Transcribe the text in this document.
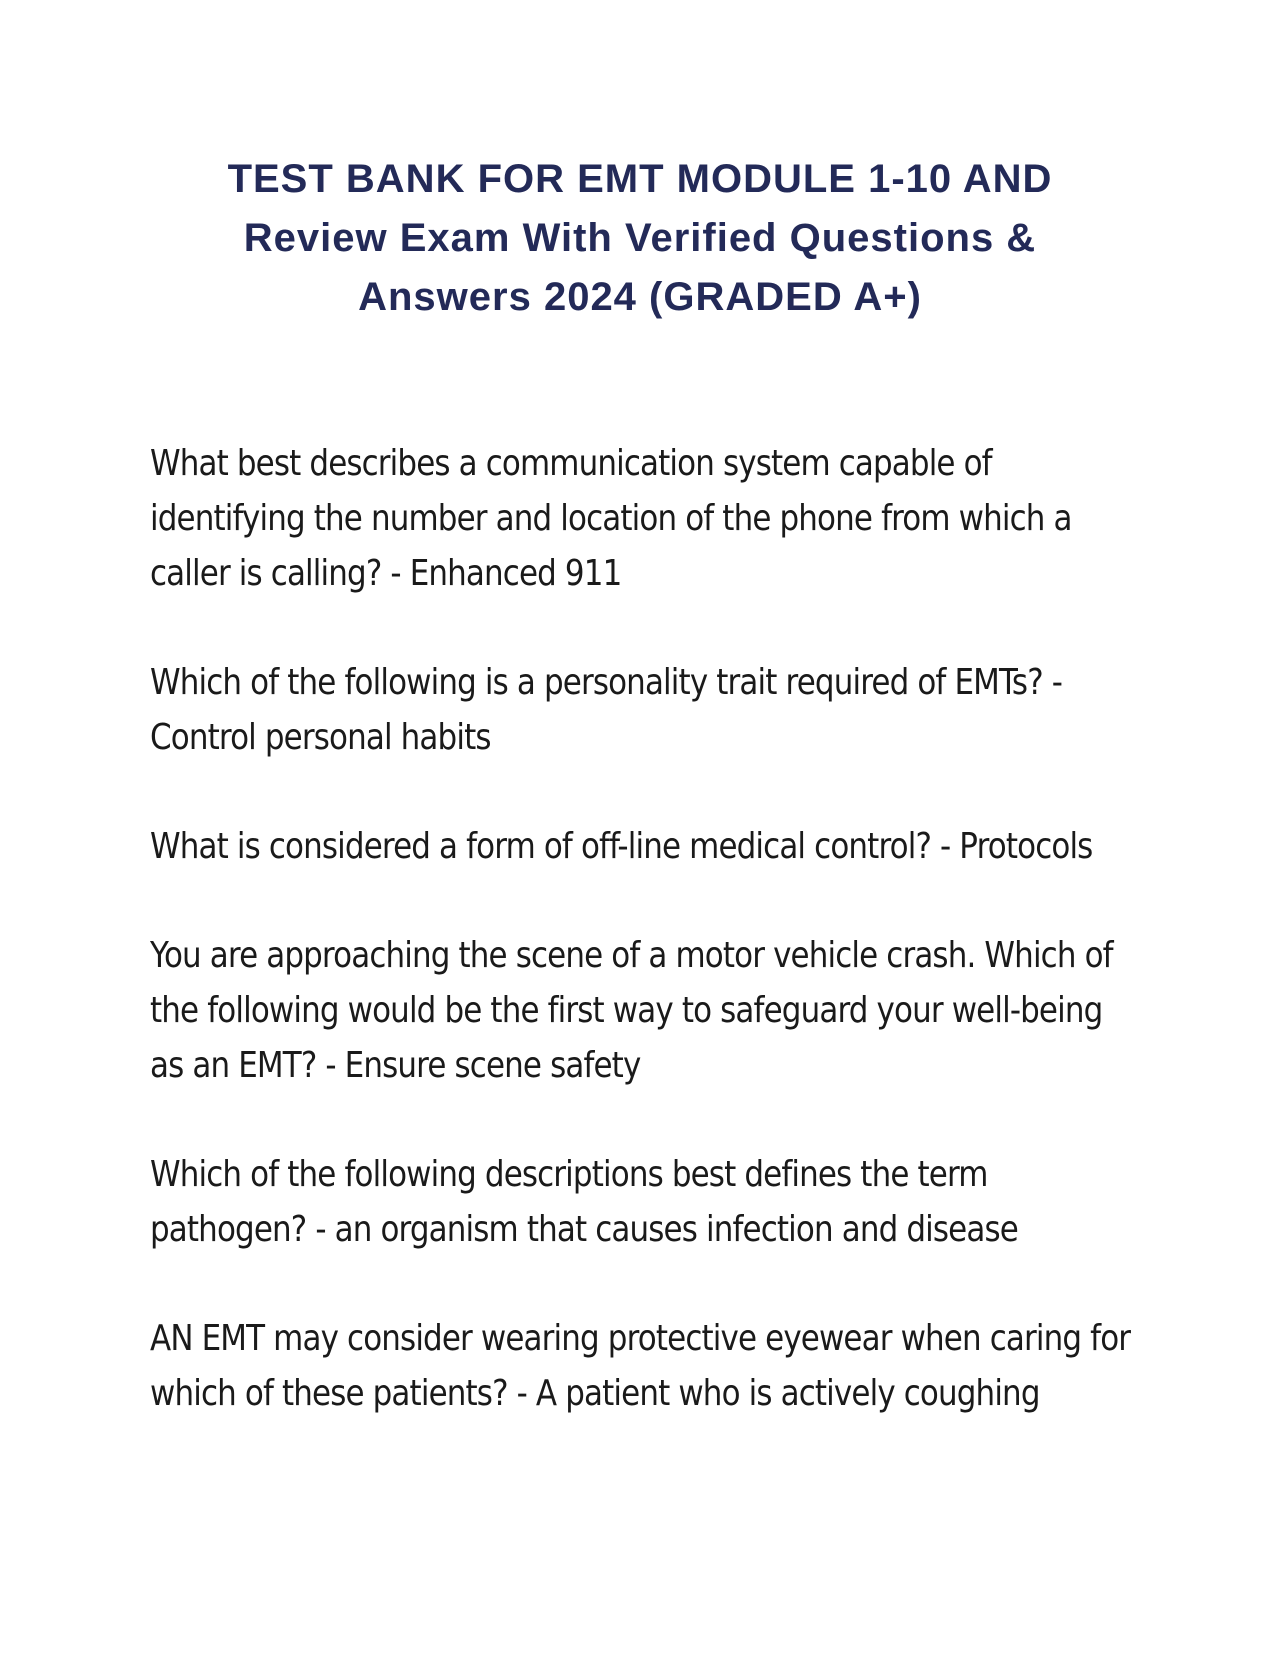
TEST BANK FOR EMT MODULE 1-10 AND
Review Exam With Verified Questions &
Answers 2024 (GRADED A+)
What best describes a communication system capable of
identifying the number and location of the phone from which a
caller is calling? - Enhanced 911
Which of the following is a personality trait required of EMTs? -
Control personal habits
What is considered a form of off-line medical control? - Protocols
You are approaching the scene of a motor vehicle crash. Which of
the following would be the first way to safeguard your well-being
as an EMT? - Ensure scene safety
Which of the following descriptions best defines the term
pathogen? - an organism that causes infection and disease
AN EMT may consider wearing protective eyewear when caring for
which of these patients? - A patient who is actively coughing
